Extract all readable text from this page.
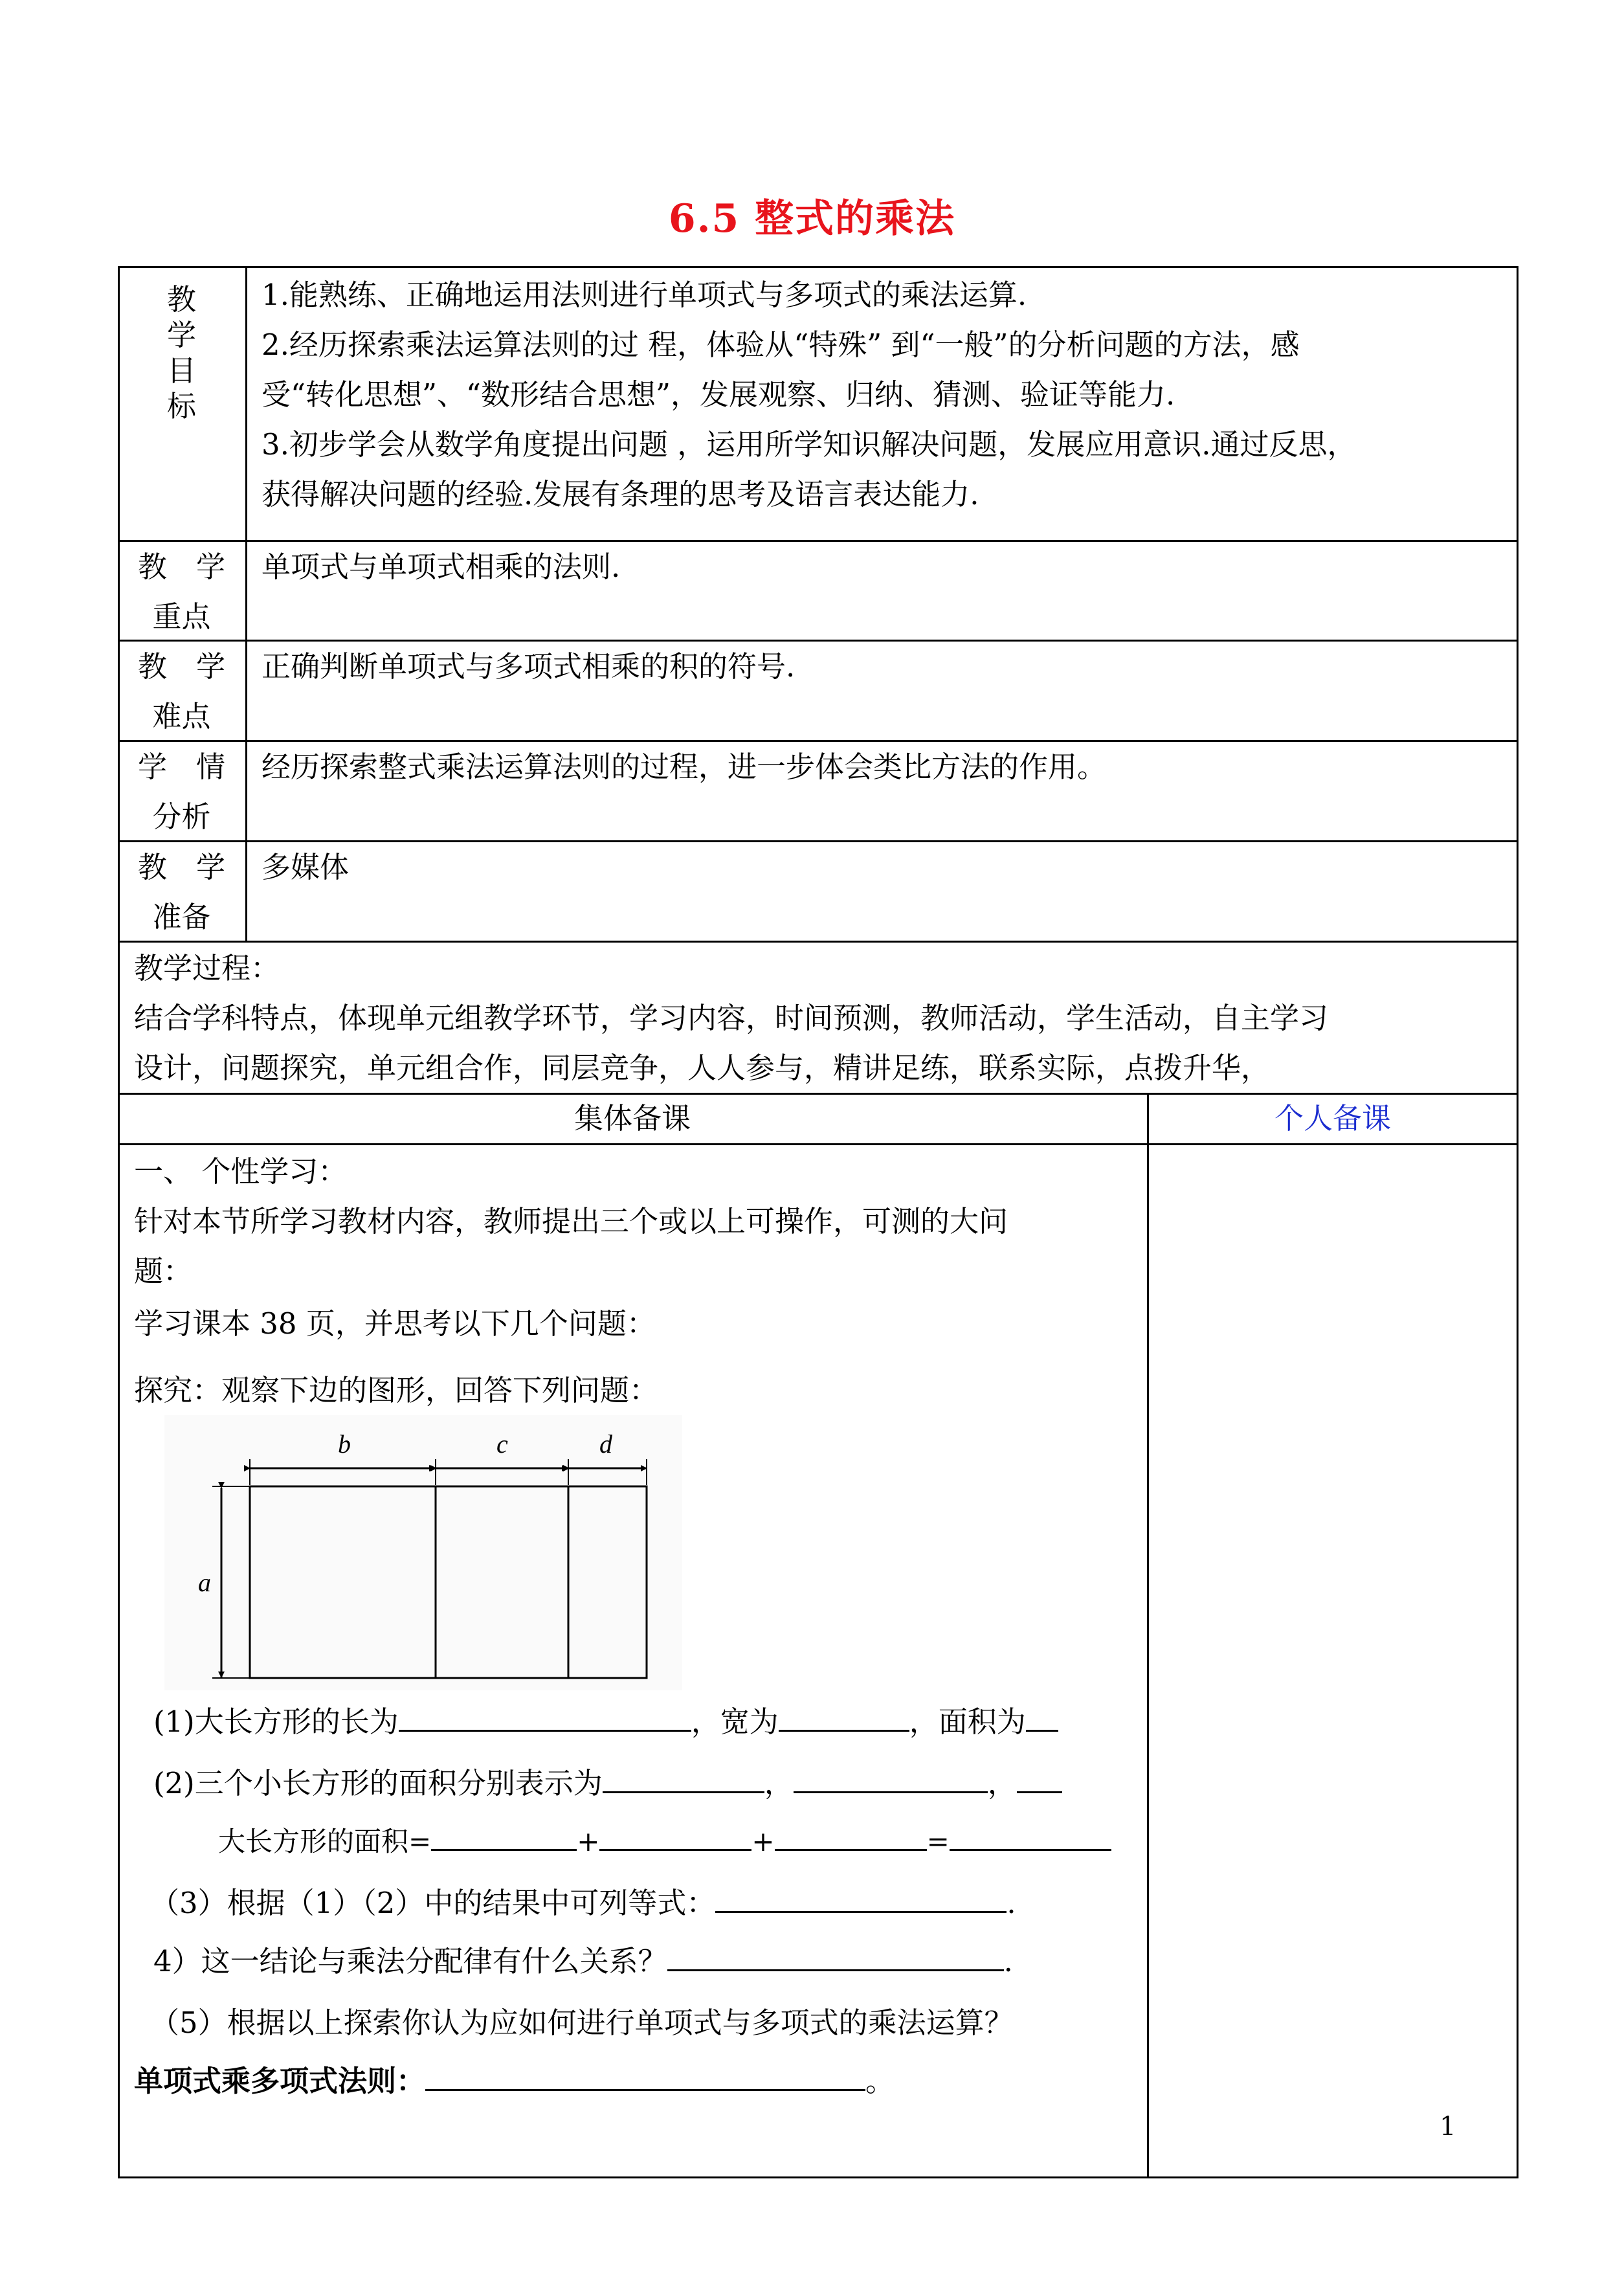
6.5 整式的乘法
教
学
目
标

1.能熟练、正确地运用法则进行单项式与多项式的乘法运算.

2.经历探索乘法运算法则的过 程，体验从“特殊” 到“一般”的分析问题的方法，感

受“转化思想”、“数形结合思想”，发展观察、归纳、猜测、验证等能力.

3.初步学会从数学角度提出问题 ，运用所学知识解决问题，发展应用意识.通过反思，

获得解决问题的经验.发展有条理的思考及语言表达能力.

教　学
重点
单项式与单项式相乘的法则.
教　学
难点
正确判断单项式与多项式相乘的积的符号.
学　情
分析
经历探索整式乘法运算法则的过程，进一步体会类比方法的作用。
教　学
准备
多媒体

教学过程：

结合学科特点，体现单元组教学环节，学习内容，时间预测，教师活动，学生活动，自主学习

设计，问题探究，单元组合作，同层竞争，人人参与，精讲足练，联系实际，点拨升华，

集体备课	个人备课

一、 个性学习：

针对本节所学习教材内容，教师提出三个或以上可操作，可测的大问

题：

学习课本 38 页，并思考以下几个问题：

探究：观察下边的图形，回答下列问题：

b	c	d
a
(1)大长方形的长为	，宽为	，面积为
(2)三个小长方形的面积分别表示为	，	，
大长方形的面积=	+	+	=
（3）根据（1）（2）中的结果中可列等式：	.
4）这一结论与乘法分配律有什么关系？	.
（5）根据以上探索你认为应如何进行单项式与多项式的乘法运算？
单项式乘多项式法则：	。
1
